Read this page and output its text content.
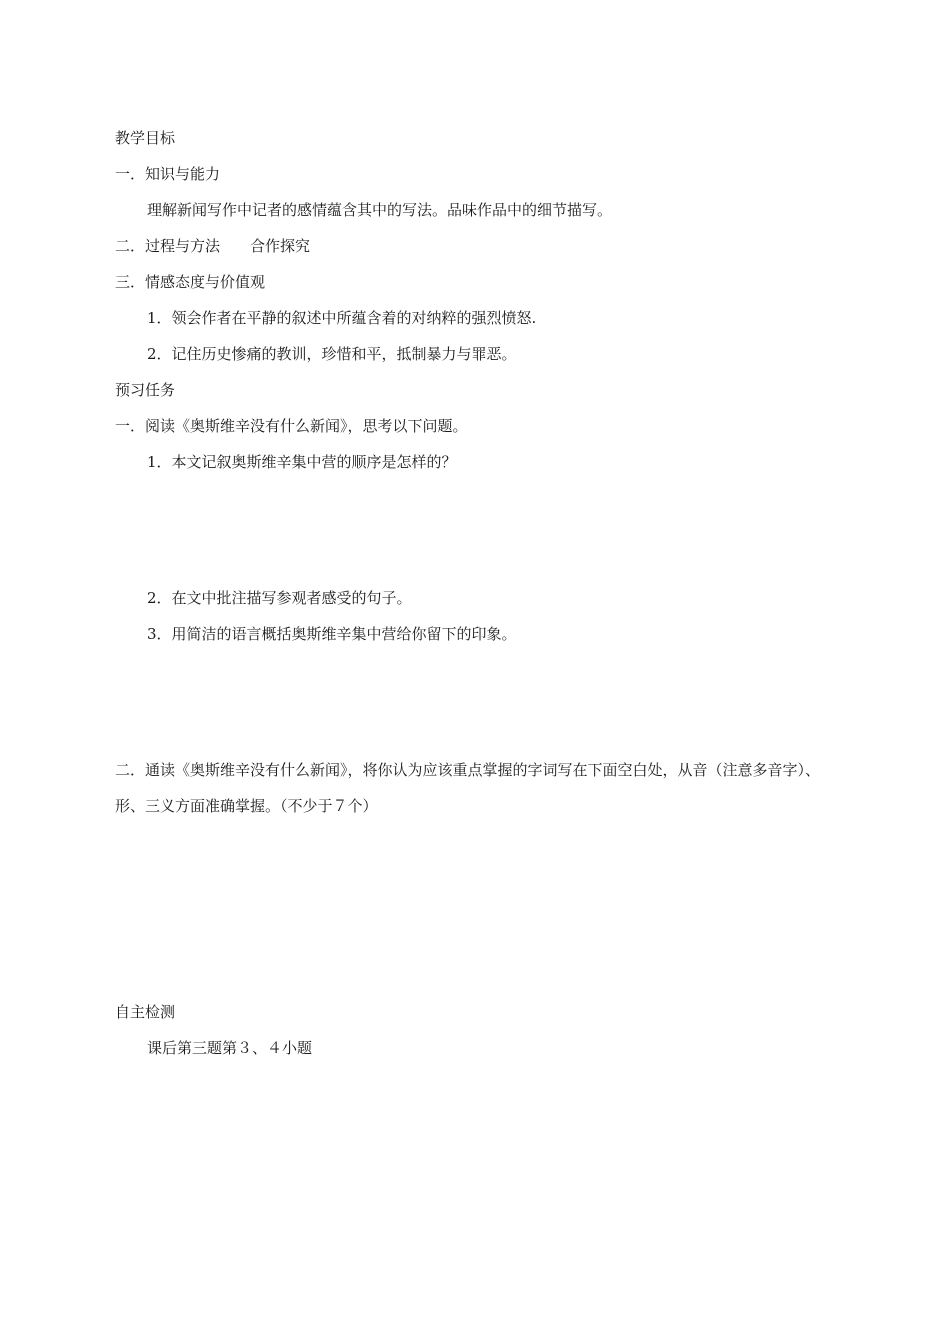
教学目标

一．知识与能力

理解新闻写作中记者的感情蕴含其中的写法。品味作品中的细节描写。

二．过程与方法　　合作探究

三．情感态度与价值观

1．领会作者在平静的叙述中所蕴含着的对纳粹的强烈愤怒.

2．记住历史惨痛的教训，珍惜和平，抵制暴力与罪恶。

预习任务

一．阅读《奥斯维辛没有什么新闻》，思考以下问题。

1．本文记叙奥斯维辛集中营的顺序是怎样的？

2．在文中批注描写参观者感受的句子。

3．用简洁的语言概括奥斯维辛集中营给你留下的印象。

二．通读《奥斯维辛没有什么新闻》，将你认为应该重点掌握的字词写在下面空白处，从音（注意多音字）、形、三义方面准确掌握。（不少于７个）

自主检测

课后第三题第３、４小题
